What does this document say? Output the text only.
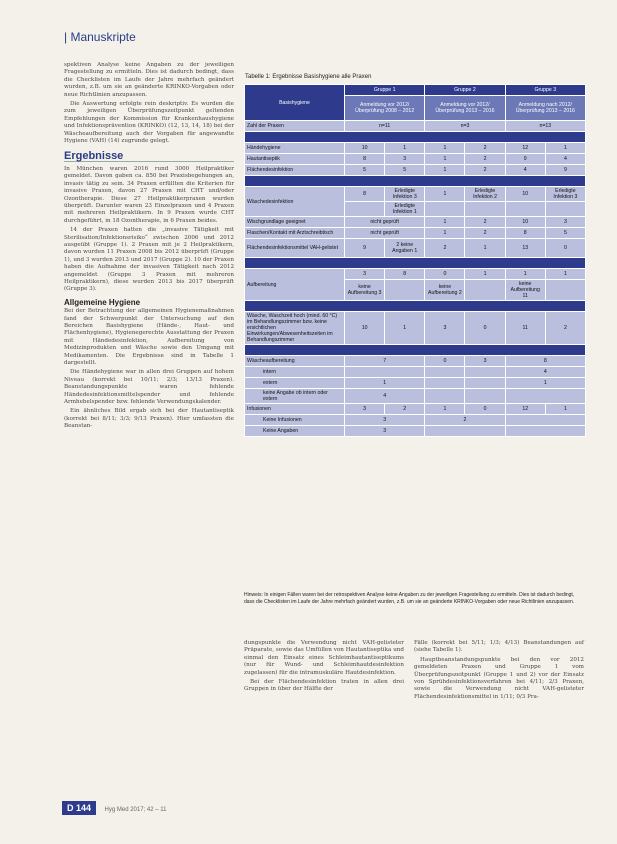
| Manuskripte

spektiven Analyse keine Angaben zu der jeweiligen Fragestellung zu ermitteln. Dies ist dadurch bedingt, dass die Checklisten im Laufe der Jahre mehrfach geändert wurden, z.B. um sie an geänderte KRINKO-Vorgaben oder neue Richtlinien anzupassen.

Die Auswertung erfolgte rein deskriptiv. Es wurden die zum jeweiligen Überprüfungszeitpunkt geltenden Empfehlungen der Kommission für Krankenhaushygiene und Infektionsprävention (KRINKO) (12, 13, 14, 18) bei der Wäscheaufbereitung auch der Vorgaben für angewandte Hygiene (VAH) (14) zugrunde gelegt.

Ergebnisse

In München waren 2016 rund 3000 Heilpraktiker gemeldet. Davon gaben ca. 850 bei Praxisbegehungen an, invasiv tätig zu sein. 34 Praxen erfüllten die Kriterien für invasive Praxen, davon 27 Praxen mit CHT und/oder Ozontherapie. Diese 27 Heilpraktikerpraxen wurden überprüft. Darunter waren 23 Einzelpraxen und 4 Praxen mit mehreren Heilpraktikern. In 9 Praxen wurde CHT durchgeführt, in 18 Ozontherapie, in 6 Praxen beides.

14 der Praxen hatten die „invasive Tätigkeit mit Sterilisation/Infektionsrisiko“ zwischen 2006 und 2012 ausgeübt (Gruppe 1). 2 Praxen mit je 2 Heilpraktikern, davon wurden 11 Praxen 2008 bis 2012 überprüft (Gruppe 1), und 3 wurden 2013 und 2017 (Gruppe 2). 10 der Praxen haben die Aufnahme der invasiven Tätigkeit nach 2012 angemeldet (Gruppe 3 Praxen mit mehreren Heilpraktikern), diese wurden 2013 bis 2017 überprüft (Gruppe 3).

Allgemeine Hygiene

Bei der Betrachtung der allgemeinen Hygienemaßnahmen fand der Schwerpunkt der Untersuchung auf den Bereichen Basishygiene (Hände-, Haut- und Flächenhygiene), Hygienegerechte Ausstattung der Praxen mit Händedesinfektion, Aufbereitung von Medizinprodukten und Wäsche sowie den Umgang mit Medikamenten. Die Ergebnisse sind in Tabelle 1 dargestellt.

Die Händehygiene war in allen drei Gruppen auf hohem Niveau (korrekt bei 10/11; 2/3; 13/13 Praxen). Beanstandungspunkte waren fehlende Händedesinfektionsmittelspender und fehlende Armhebelspender bzw. fehlende Verwendungskalender.

Ein ähnliches Bild ergab sich bei der Hautantiseptik (korrekt bei 8/11; 3/3; 9/13 Praxen). Hier umfassten die Beanstan-

dungspunkte die Verwendung nicht VAH-gelisteter Präparate, sowie das Umfüllen von Hautantiseptika und einmal den Einsatz eines Schleimhautantiseptikums (nur für Wund- und Schleimhautdesinfektion zugelassen) für die intramuskuläre Hautdesinfektion.

Bei der Flächendesinfektion traten in allen drei Gruppen in über der Hälfte der

Fälle (korrekt bei 5/11; 1/3; 4/13) Beanstandungen auf (siehe Tabelle 1).

Hauptbeanstandungspunkte bei den vor 2012 gemeldeten Praxen und Gruppe 1 vom Überprüfungszeitpunkt (Gruppe 1 und 2) vor der Einsatz von Sprühdesinfektionsverfahren bei 4/11; 2/3 Praxen, sowie die Verwendung nicht VAH-gelisteter Flächendesinfektionsmittel in 1/11; 0/3 Pra-

Tabelle 1: Ergebnisse Basishygiene alle Praxen
Basishygiene	Gruppe 1		Gruppe 2		Gruppe 3	
	Anmeldung vor 2012/Überprüfung 2008 – 2012		Anmeldung vor 2012/Überprüfung 2013 – 2016		Anmeldung nach 2012/Überprüfung 2013 – 2016	
Zahl der Praxen	n=11		n=3		n=13	

Händehygiene	10	1	1	2	12	1
Hautantiseptik	8	3	1	2	9	4
Flächendesinfektion	5	5	1	2	4	9

Wäschedesinfektion	8	Erledigte Infektion 3	1	Erledigte Infektion 2	10	Erledigte Infektion 3
		Erledigte Infektion 1				
Wischgrundlage geeignet	nicht geprüft		1	2	10	3
Flaschen/Kontakt mit Arztschreibtisch	nicht geprüft		1	2	8	5
Flächendesinfektionsmittel VAH-gelistet	9	2 keine Angaben 1	2	1	13	0

Aufbereitung	3	8	0	1	1	1
	keine Aufbereitung 3		keine Aufbereitung 2		keine Aufbereitung 11	

Wäsche, Waschzeit hoch (mind. 60 °C) im Behandlungszimmer bzw. keine ersichtlichen Einwirkungen/Abwesenheitszeiten im Behandlungszimmer	10	1	3	0	11	2

Wäscheaufbereitung	7		0	3	8	
intern					4	
extern	1				1	
keine Angabe ob intern oder extern	4					
Infusionen	3	2	1	0	12	1
Keine Infusionen	3		2			
Keine Angaben	3					
Hinweis: In einigen Fällen waren bei der retrospektiven Analyse keine Angaben zu der jeweiligen Fragestellung zu ermitteln. Dies ist dadurch bedingt, dass die Checklisten im Laufe der Jahre mehrfach geändert wurden, z.B. um sie an geänderte KRINKO-Vorgaben oder neue Richtlinien anzupassen.
D 144 Hyg Med 2017; 42 – 11
